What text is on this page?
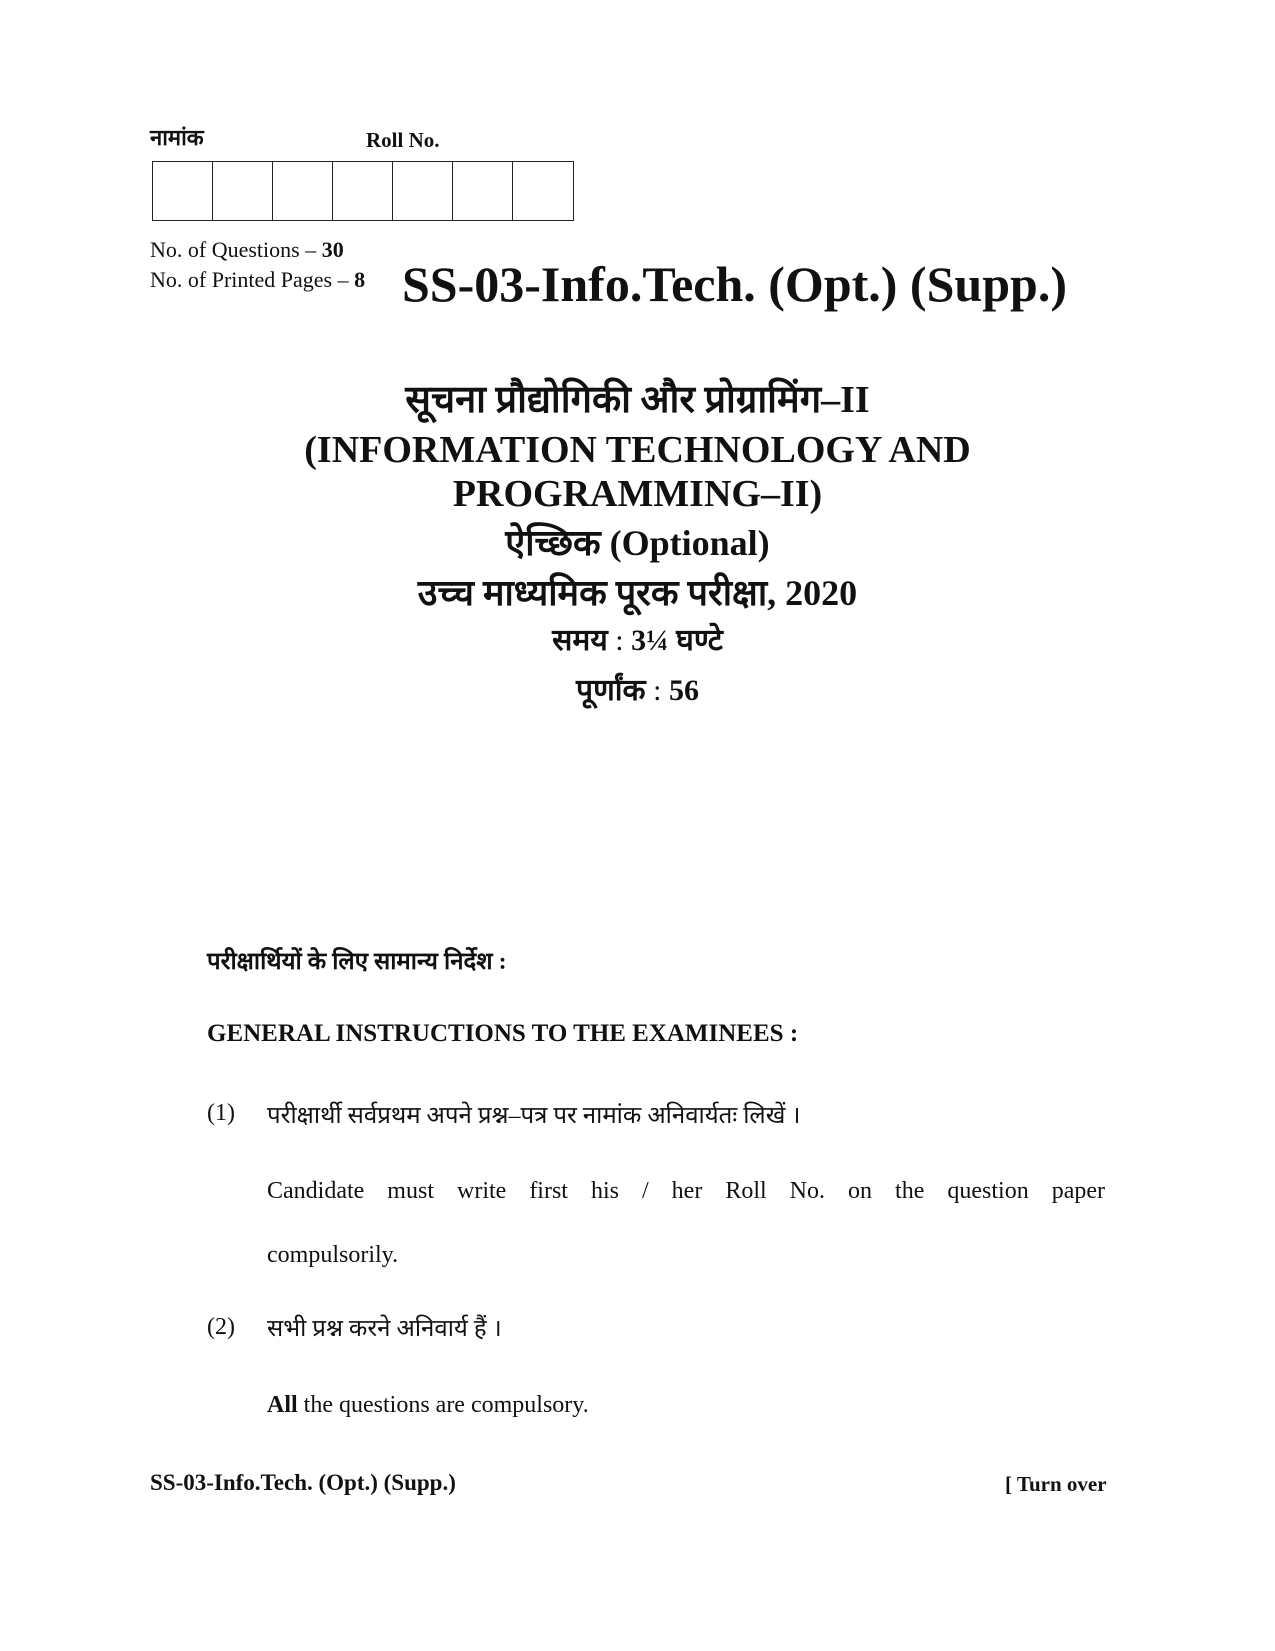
नामांक	Roll No.
No. of Questions – 30
No. of Printed Pages – 8 SS-03-Info.Tech. (Opt.) (Supp.)
सूचना प्रौद्योगिकी और प्रोग्रामिंग–II
(INFORMATION TECHNOLOGY AND
PROGRAMMING–II)
ऐच्छिक (Optional)
उच्च माध्यमिक पूरक परीक्षा, 2020
समय : 3¼ घण्टे
पूर्णांक : 56
परीक्षार्थियों के लिए सामान्य निर्देश :
GENERAL INSTRUCTIONS TO THE EXAMINEES :
(1) परीक्षार्थी सर्वप्रथम अपने प्रश्न–पत्र पर नामांक अनिवार्यतः लिखें ।
Candidate must write first his / her Roll No. on the question paper
compulsorily.
(2) सभी प्रश्न करने अनिवार्य हैं ।
All the questions are compulsory.
SS-03-Info.Tech. (Opt.) (Supp.)	[ Turn over
